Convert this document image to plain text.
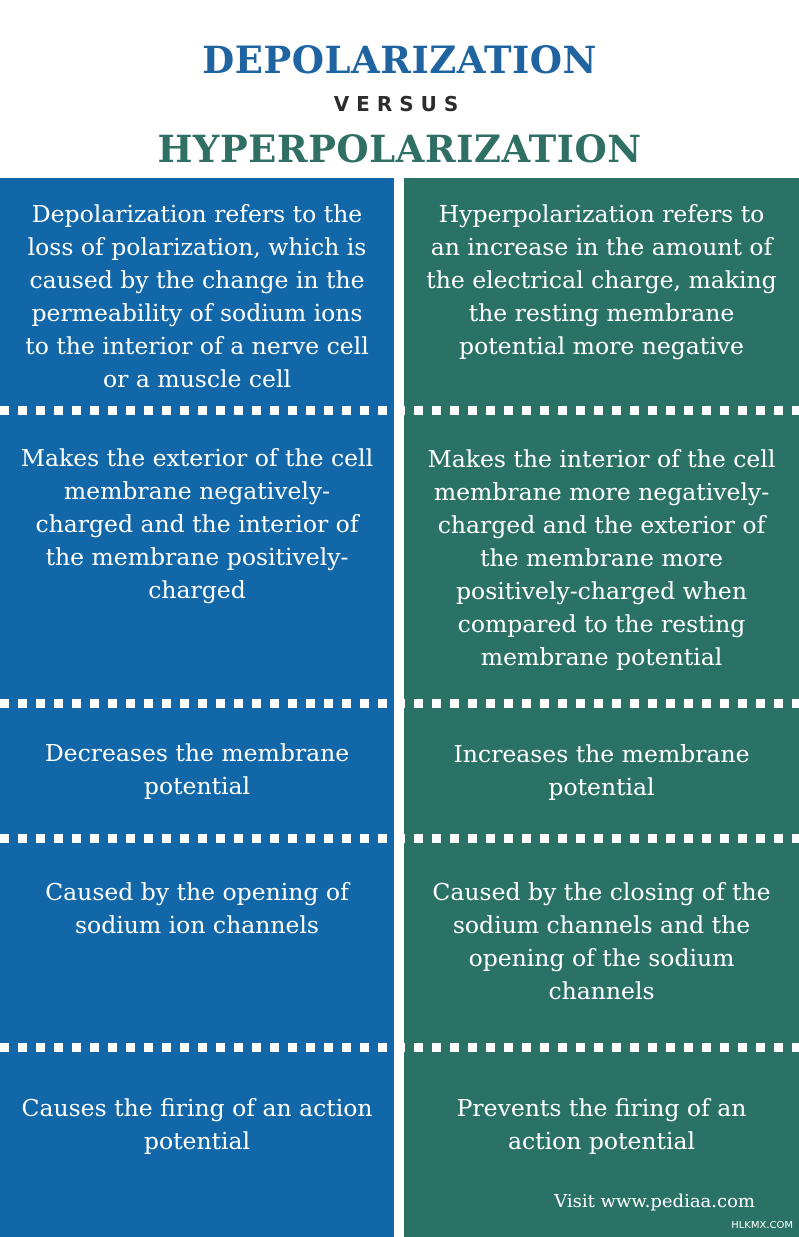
DEPOLARIZATION
VERSUS
HYPERPOLARIZATION
Depolarization refers to the loss of polarization, which is caused by the change in the permeability of sodium ions to the interior of a nerve cell or a muscle cell
Makes the exterior of the cell membrane negatively-charged and the interior of the membrane positively-charged
Decreases the membrane potential
Caused by the opening of sodium ion channels
Causes the firing of an action potential
Hyperpolarization refers to an increase in the amount of the electrical charge, making the resting membrane potential more negative
Makes the interior of the cell membrane more negatively-charged and the exterior of the membrane more positively-charged when compared to the resting membrane potential
Increases the membrane potential
Caused by the closing of the sodium channels and the opening of the sodium channels
Prevents the firing of an action potential
Visit www.pediaa.com
HLKMX.COM
